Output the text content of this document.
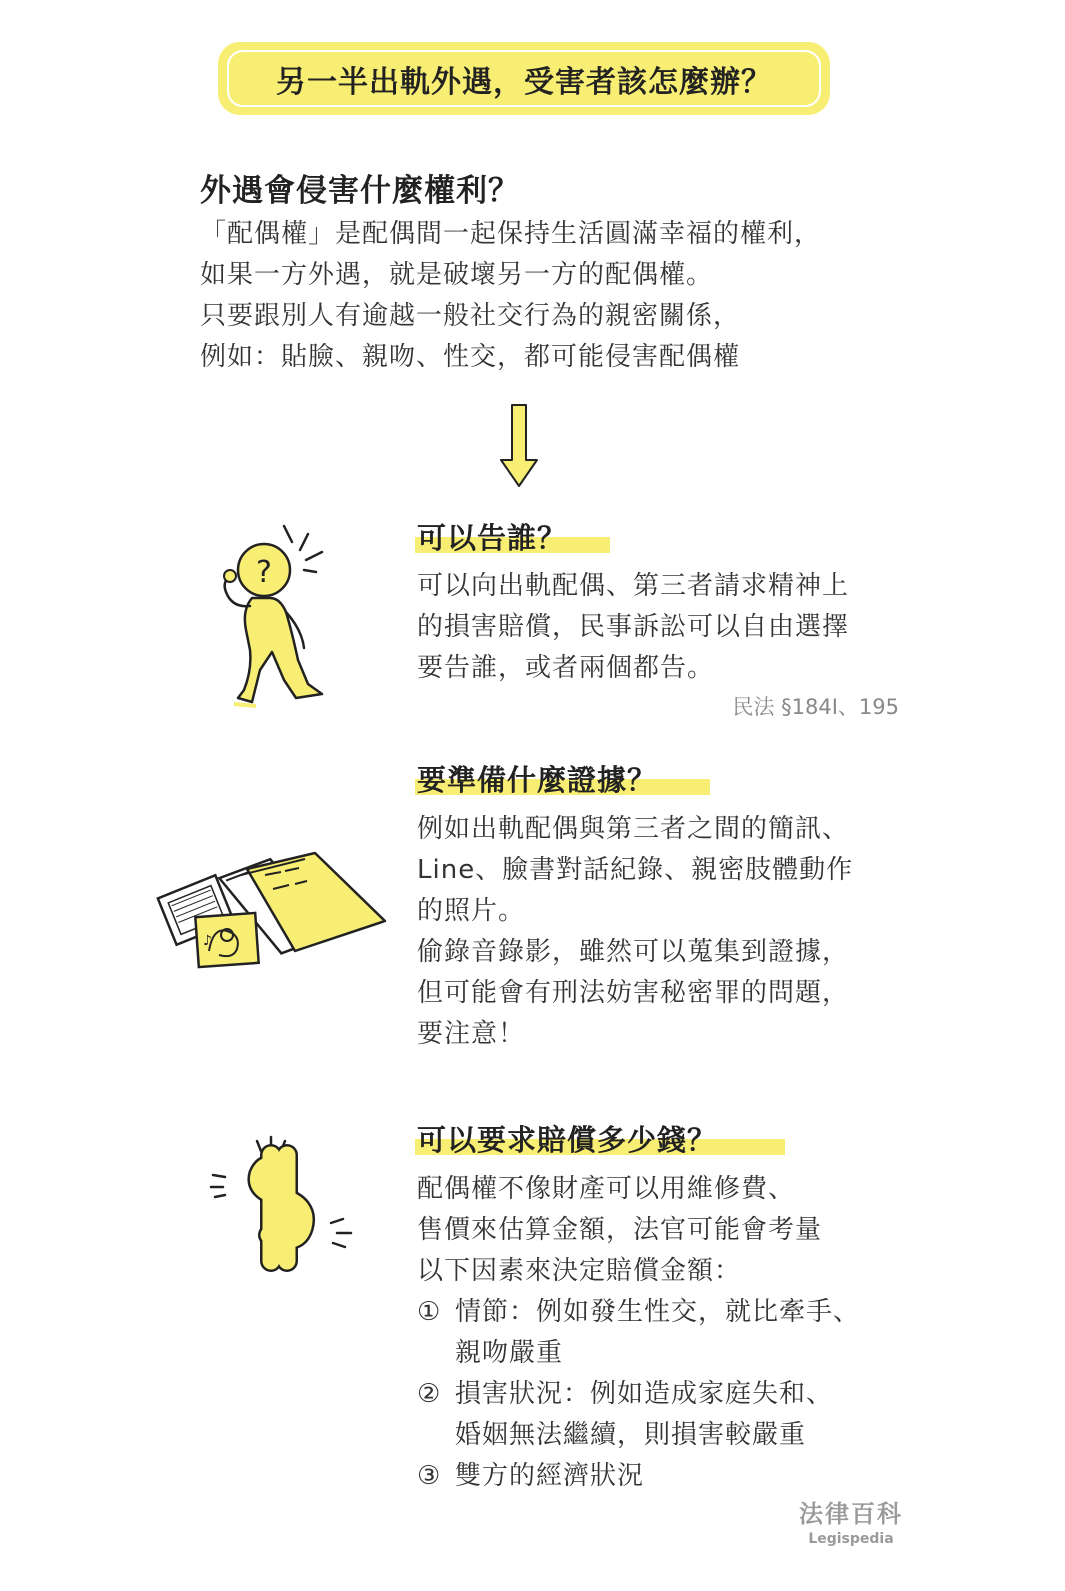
另一半出軌外遇，受害者該怎麼辦？
外遇會侵害什麼權利？
「配偶權」是配偶間一起保持生活圓滿幸福的權利，
如果一方外遇，就是破壞另一方的配偶權。
只要跟別人有逾越一般社交行為的親密關係，
例如：貼臉、親吻、性交，都可能侵害配偶權
?
可以告誰？
可以向出軌配偶、第三者請求精神上
的損害賠償，民事訴訟可以自由選擇
要告誰，或者兩個都告。
民法 §184Ⅰ、195
♪
要準備什麼證據？
例如出軌配偶與第三者之間的簡訊、
Line、臉書對話紀錄、親密肢體動作
的照片。
偷錄音錄影，雖然可以蒐集到證據，
但可能會有刑法妨害秘密罪的問題，
要注意！
可以要求賠償多少錢？
配偶權不像財產可以用維修費、
售價來估算金額，法官可能會考量
以下因素來決定賠償金額：
① 情節：例如發生性交，就比牽手、
親吻嚴重
② 損害狀況：例如造成家庭失和、
婚姻無法繼續，則損害較嚴重
③ 雙方的經濟狀況
法律百科
Legispedia
